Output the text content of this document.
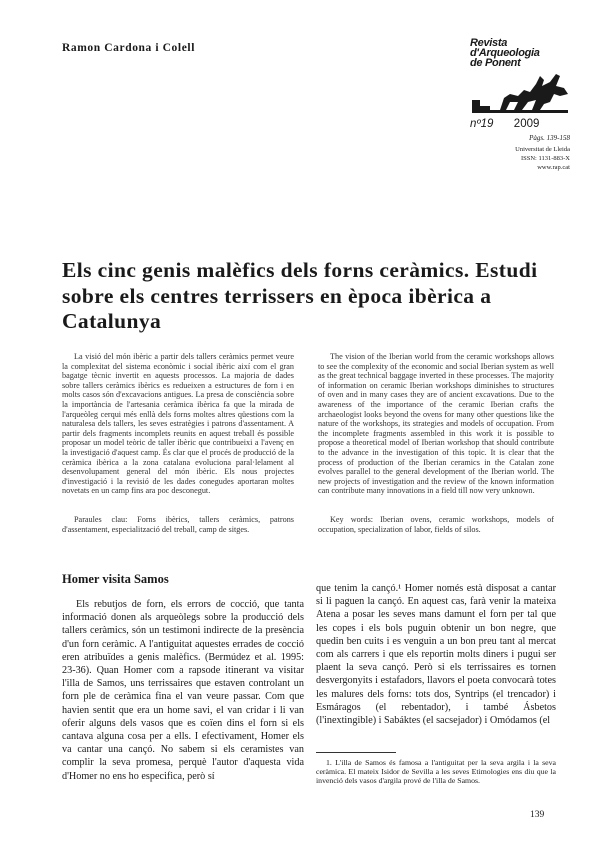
Ramon Cardona i Colell	Revista
d'Arqueologia
de Ponent
nº19 2009
Pàgs. 139-158
Universitat de Lleida
ISSN: 1131-883-X
www.rap.cat
Els cinc genis malèfics dels forns ceràmics. Estudi sobre els centres terrissers en època ibèrica a Catalunya

La visió del món ibèric a partir dels tallers ceràmics permet veure la complexitat del sistema econòmic i social ibèric així com el gran bagatge tècnic invertit en aquests processos. La majoria de dades sobre tallers ceràmics ibèrics es redueixen a estructures de forn i en molts casos són d'excavacions antigues. La presa de consciència sobre la importància de l'artesania ceràmica ibèrica fa que la mirada de l'arqueòleg cerqui més enllà dels forns moltes altres qüestions com la naturalesa dels tallers, les seves estratègies i patrons d'assentament. A partir dels fragments incomplets reunits en aquest treball és possible proposar un model teòric de taller ibèric que contribueixi a l'avenç en la investigació d'aquest camp. És clar que el procés de producció de la ceràmica ibèrica a la zona catalana evoluciona paral·lelament al desenvolupament general del món ibèric. Els nous projectes d'investigació i la revisió de les dades conegudes aportaran moltes novetats en un camp fins ara poc desconegut.

The vision of the Iberian world from the ceramic workshops allows to see the complexity of the economic and social Iberian system as well as the great technical baggage inverted in these processes. The majority of information on ceramic Iberian workshops diminishes to structures of oven and in many cases they are of ancient excavations. Due to the awareness of the importance of the ceramic Iberian crafts the archaeologist looks beyond the ovens for many other questions like the nature of the workshops, its strategies and models of occupation. From the incomplete fragments assembled in this work it is possible to propose a theoretical model of Iberian workshop that should contribute to the advance in the investigation of this topic. It is clear that the process of production of the Iberian ceramics in the Catalan zone evolves parallel to the general development of the Iberian world. The new projects of investigation and the review of the known information can contribute many innovations in a field till now very unknown.

Paraules clau: Forns ibèrics, tallers ceràmics, patrons d'assentament, especialització del treball, camp de sitges.

Key words: Iberian ovens, ceramic workshops, models of occupation, specialization of labor, fields of silos.

Homer visita Samos

Els rebutjos de forn, els errors de cocció, que tanta informació donen als arqueòlegs sobre la producció dels tallers ceràmics, són un testimoni indirecte de la presència d'un forn ceràmic. A l'antiguitat aquestes errades de cocció eren atribuïdes a genis malèfics. (Bermúdez et al. 1995: 23-36). Quan Homer com a rapsode itinerant va visitar l'illa de Samos, uns terrissaires que estaven controlant un forn ple de ceràmica fina el van veure passar. Com que havien sentit que era un home savi, el van cridar i li van oferir alguns dels vasos que es coïen dins el forn si els cantava alguna cosa per a ells. I efectivament, Homer els va cantar una cançó. No sabem si els ceramistes van complir la seva promesa, perquè l'autor d'aquesta vida d'Homer no ens ho especifica, però sí

que tenim la cançó.¹ Homer només està disposat a cantar si li paguen la cançó. En aquest cas, farà venir la mateixa Atena a posar les seves mans damunt el forn per tal que les copes i els bols puguin obtenir un bon negre, que quedin ben cuits i es venguin a un bon preu tant al mercat com als carrers i que els reportin molts diners i pugui ser plaent la seva cançó. Però si els terrissaires es tornen desvergonyits i estafadors, llavors el poeta convocarà totes les malures dels forns: tots dos, Syntrips (el trencador) i Esmáragos (el rebentador), i també Ásbetos (l'inextingible) i Sabáktes (el sacsejador) i Omódamos (el

1. L'illa de Samos és famosa a l'antiguitat per la seva argila i la seva ceràmica. El mateix Isidor de Sevilla a les seves Etimologies ens diu que la invenció dels vasos d'argila prové de l'illa de Samos.

139
